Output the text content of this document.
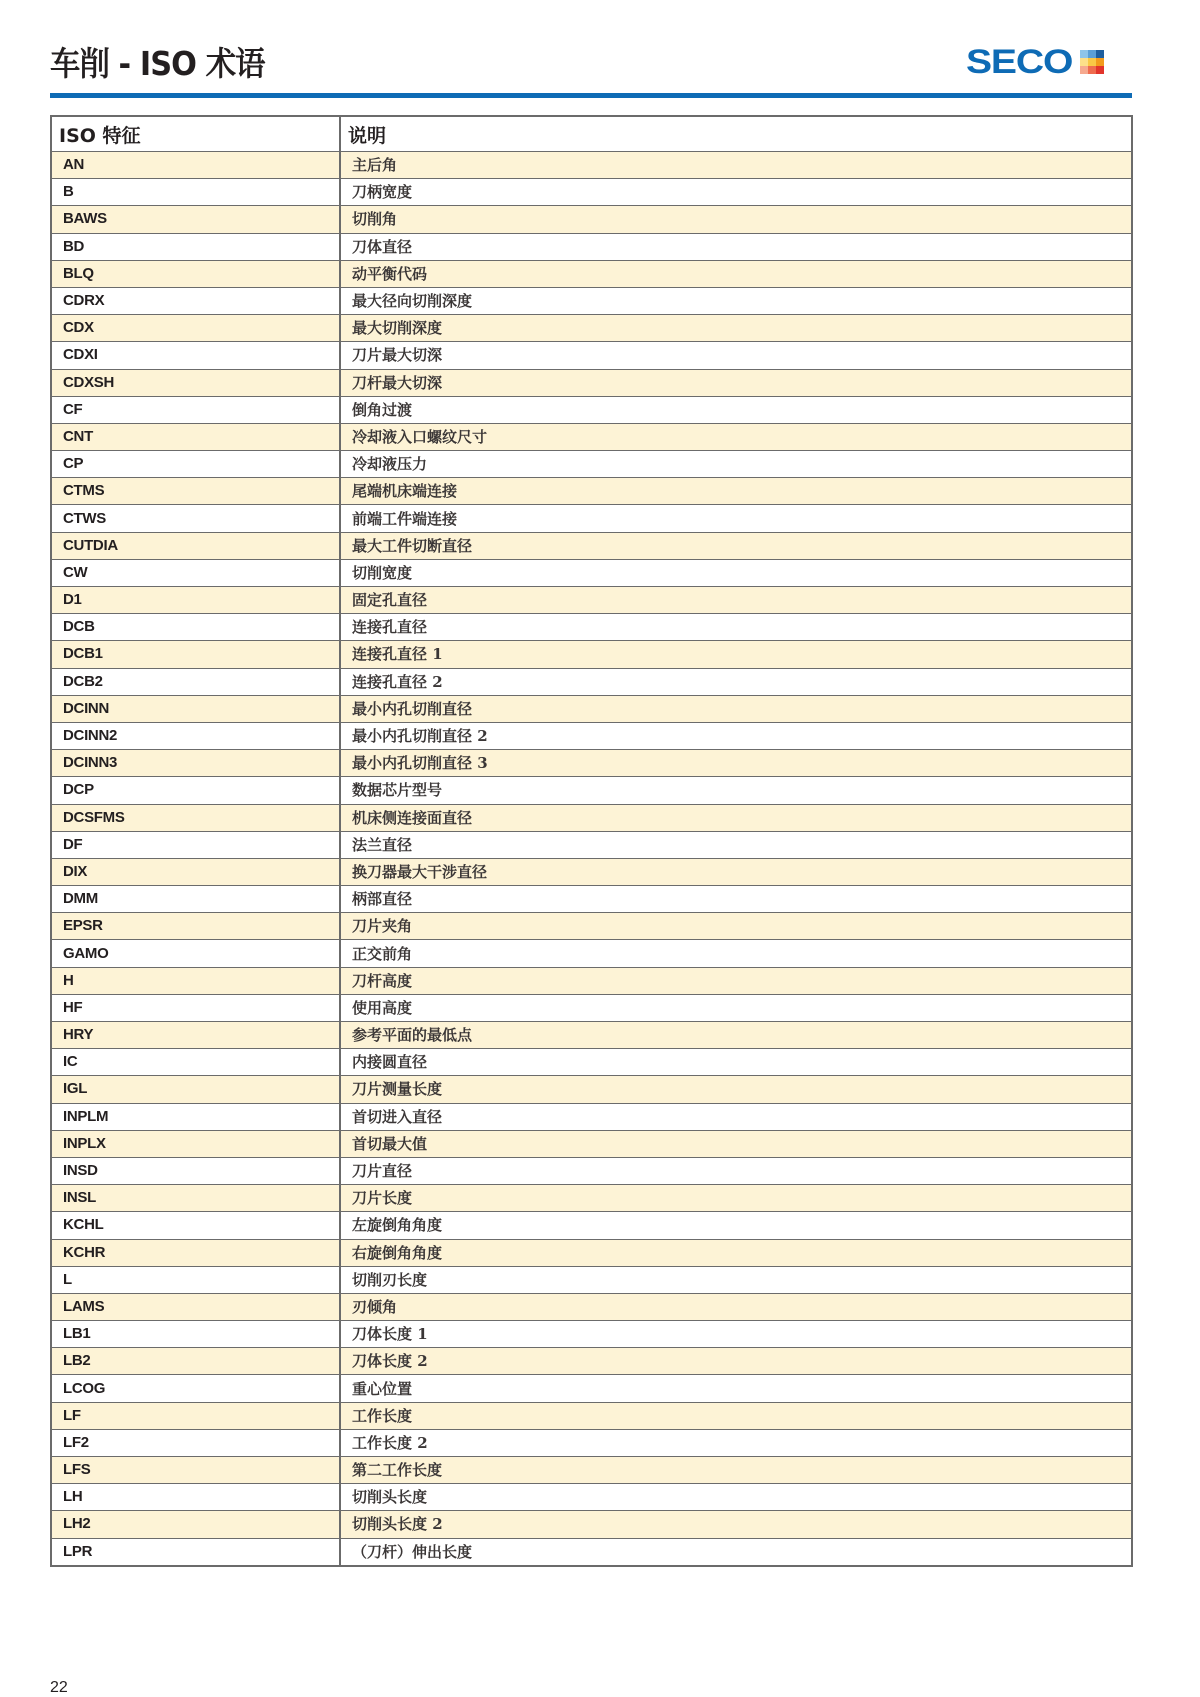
车削 - ISO 术语	SECO
ISO 特征	说明
AN	主后角
B	刀柄宽度
BAWS	切削角
BD	刀体直径
BLQ	动平衡代码
CDRX	最大径向切削深度
CDX	最大切削深度
CDXI	刀片最大切深
CDXSH	刀杆最大切深
CF	倒角过渡
CNT	冷却液入口螺纹尺寸
CP	冷却液压力
CTMS	尾端机床端连接
CTWS	前端工件端连接
CUTDIA	最大工件切断直径
CW	切削宽度
D1	固定孔直径
DCB	连接孔直径
DCB1	连接孔直径 1
DCB2	连接孔直径 2
DCINN	最小内孔切削直径
DCINN2	最小内孔切削直径 2
DCINN3	最小内孔切削直径 3
DCP	数据芯片型号
DCSFMS	机床侧连接面直径
DF	法兰直径
DIX	换刀器最大干涉直径
DMM	柄部直径
EPSR	刀片夹角
GAMO	正交前角
H	刀杆高度
HF	使用高度
HRY	参考平面的最低点
IC	内接圆直径
IGL	刀片测量长度
INPLM	首切进入直径
INPLX	首切最大值
INSD	刀片直径
INSL	刀片长度
KCHL	左旋倒角角度
KCHR	右旋倒角角度
L	切削刃长度
LAMS	刃倾角
LB1	刀体长度 1
LB2	刀体长度 2
LCOG	重心位置
LF	工作长度
LF2	工作长度 2
LFS	第二工作长度
LH	切削头长度
LH2	切削头长度 2
LPR	（刀杆）伸出长度
22
